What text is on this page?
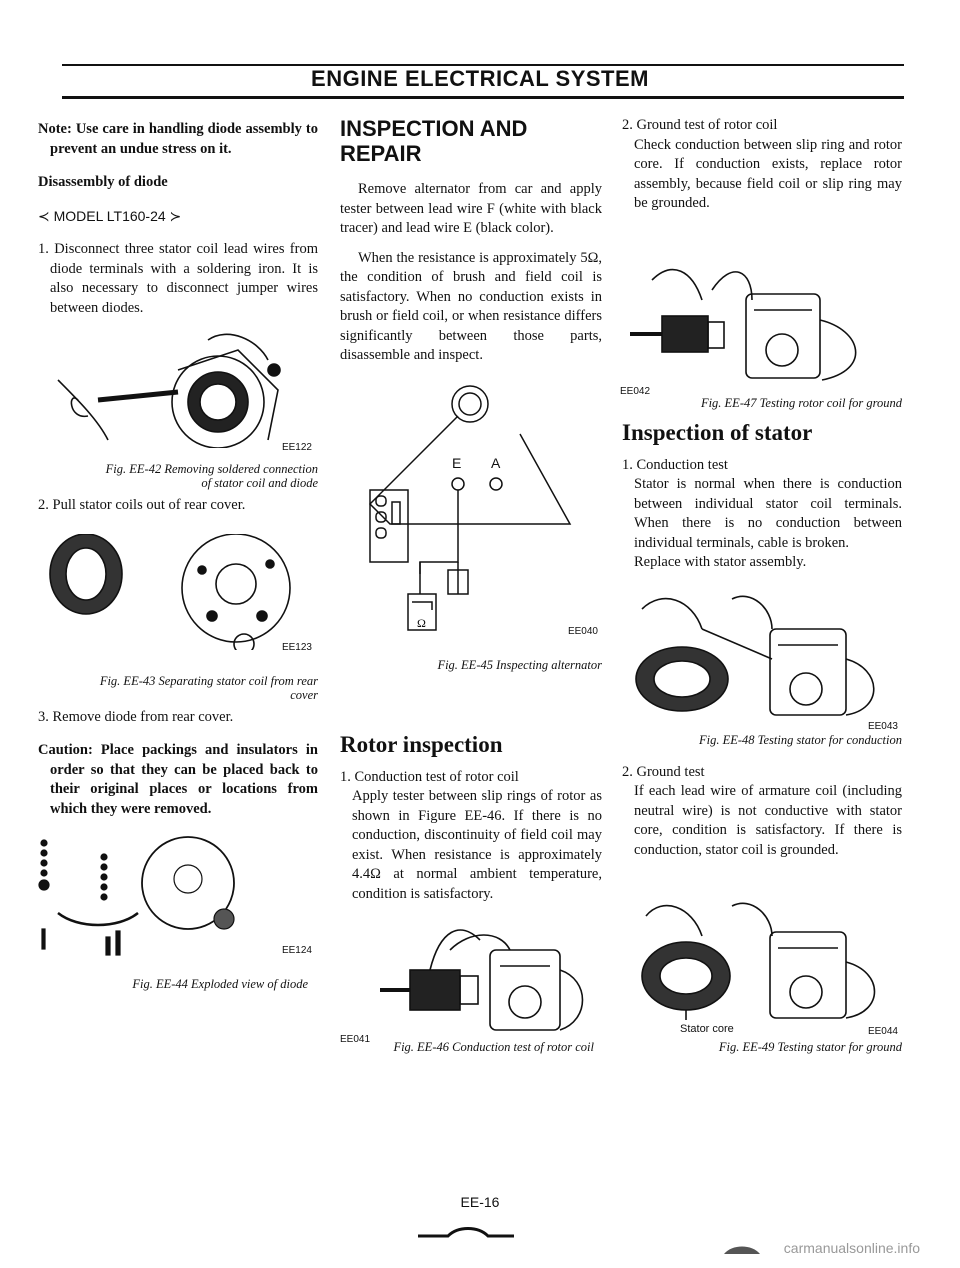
ENGINE ELECTRICAL SYSTEM

Note: Use care in handling diode assembly to prevent an undue stress on it.

Disassembly of diode

≺ MODEL LT160-24 ≻

1. Disconnect three stator coil lead wires from diode terminals with a soldering iron. It is also necessary to disconnect jumper wires between diodes.

EE122
Fig. EE-42 Removing soldered connection of stator coil and diode

2. Pull stator coils out of rear cover.

EE123
Fig. EE-43 Separating stator coil from rear cover

3. Remove diode from rear cover.

Caution: Place packings and insulators in order so that they can be placed back to their original places or locations from which they were removed.

EE124
Fig. EE-44 Exploded view of diode
INSPECTION AND REPAIR

Remove alternator from car and apply tester between lead wire F (white with black tracer) and lead wire E (black color).

When the resistance is approximately 5Ω, the condition of brush and field coil is satisfactory. When no conduction exists in brush or field coil, or when resistance differs significantly between those parts, disassemble and inspect.

E A
Ω
EE040
Fig. EE-45 Inspecting alternator
Rotor inspection

1. Conduction test of rotor coil

Apply tester between slip rings of rotor as shown in Figure EE-46. If there is no conduction, discontinuity of field coil may exist. When resistance is approximately 4.4Ω at normal ambient temperature, condition is satisfactory.

EE041
Fig. EE-46 Conduction test of rotor coil

2. Ground test of rotor coil

Check conduction between slip ring and rotor core. If conduction exists, replace rotor assembly, because field coil or slip ring may be grounded.

EE042
Fig. EE-47 Testing rotor coil for ground
Inspection of stator

1. Conduction test

Stator is normal when there is conduction between individual stator coil terminals. When there is no conduction between individual terminals, cable is broken.

Replace with stator assembly.

EE043
Fig. EE-48 Testing stator for conduction

2. Ground test

If each lead wire of armature coil (including neutral wire) is not conductive with stator core, condition is satisfactory. If there is conduction, stator coil is grounded.

Stator core	EE044
Fig. EE-49 Testing stator for ground
EE-16
carmanualsonline.info
